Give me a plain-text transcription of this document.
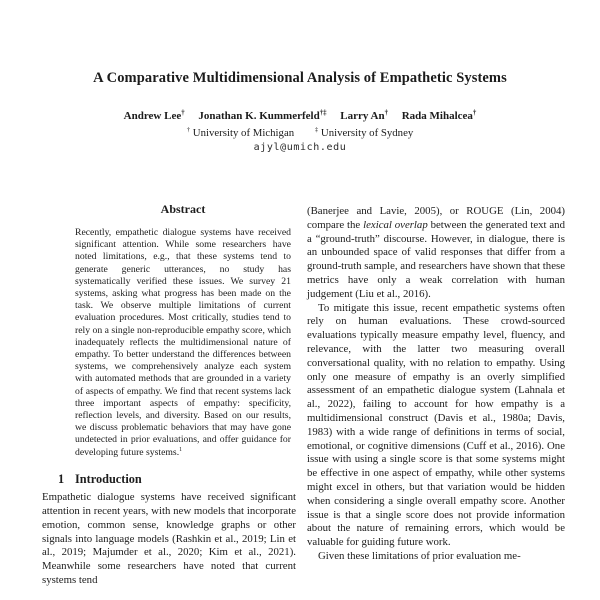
A Comparative Multidimensional Analysis of Empathetic Systems
Andrew Lee† Jonathan K. Kummerfeld†‡ Larry An† Rada Mihalcea†
† University of Michigan	‡ University of Sydney
ajyl@umich.edu
Abstract

Recently, empathetic dialogue systems have received significant attention. While some researchers have noted limitations, e.g., that these systems tend to generate generic utterances, no study has systematically verified these issues. We survey 21 systems, asking what progress has been made on the task. We observe multiple limitations of current evaluation procedures. Most critically, studies tend to rely on a single non-reproducible empathy score, which inadequately reflects the multidimensional nature of empathy. To better understand the differences between systems, we comprehensively analyze each system with automated methods that are grounded in a variety of aspects of empathy. We find that recent systems lack three important aspects of empathy: specificity, reflection levels, and diversity. Based on our results, we discuss problematic behaviors that may have gone undetected in prior evaluations, and offer guidance for developing future systems.$^1$

1 Introduction

Empathetic dialogue systems have received significant attention in recent years, with new models that incorporate emotion, common sense, knowledge graphs or other signals into language models (Rashkin et al., 2019; Lin et al., 2019; Majumder et al., 2020; Kim et al., 2021). Meanwhile some researchers have noted that current systems tend

(Banerjee and Lavie, 2005), or ROUGE (Lin, 2004) compare the lexical overlap between the generated text and a “ground-truth” discourse. However, in dialogue, there is an unbounded space of valid responses that differ from a ground-truth sample, and researchers have shown that these metrics have only a weak correlation with human judgement (Liu et al., 2016).

To mitigate this issue, recent empathetic systems often rely on human evaluations. These crowd-sourced evaluations typically measure empathy level, fluency, and relevance, with the latter two measuring overall conversational quality, with no relation to empathy. Using only one measure of empathy is an overly simplified assessment of an empathetic dialogue system (Lahnala et al., 2022), failing to account for how empathy is a multidimensional construct (Davis et al., 1980a; Davis, 1983) with a wide range of definitions in terms of social, emotional, or cognitive dimensions (Cuff et al., 2016). One issue with using a single score is that some systems might be effective in one aspect of empathy, while other systems might excel in others, but that variation would be hidden when considering a single overall empathy score. Another issue is that a single score does not provide information about the nature of remaining errors, which would be valuable for guiding future work.

Given these limitations of prior evaluation me-
